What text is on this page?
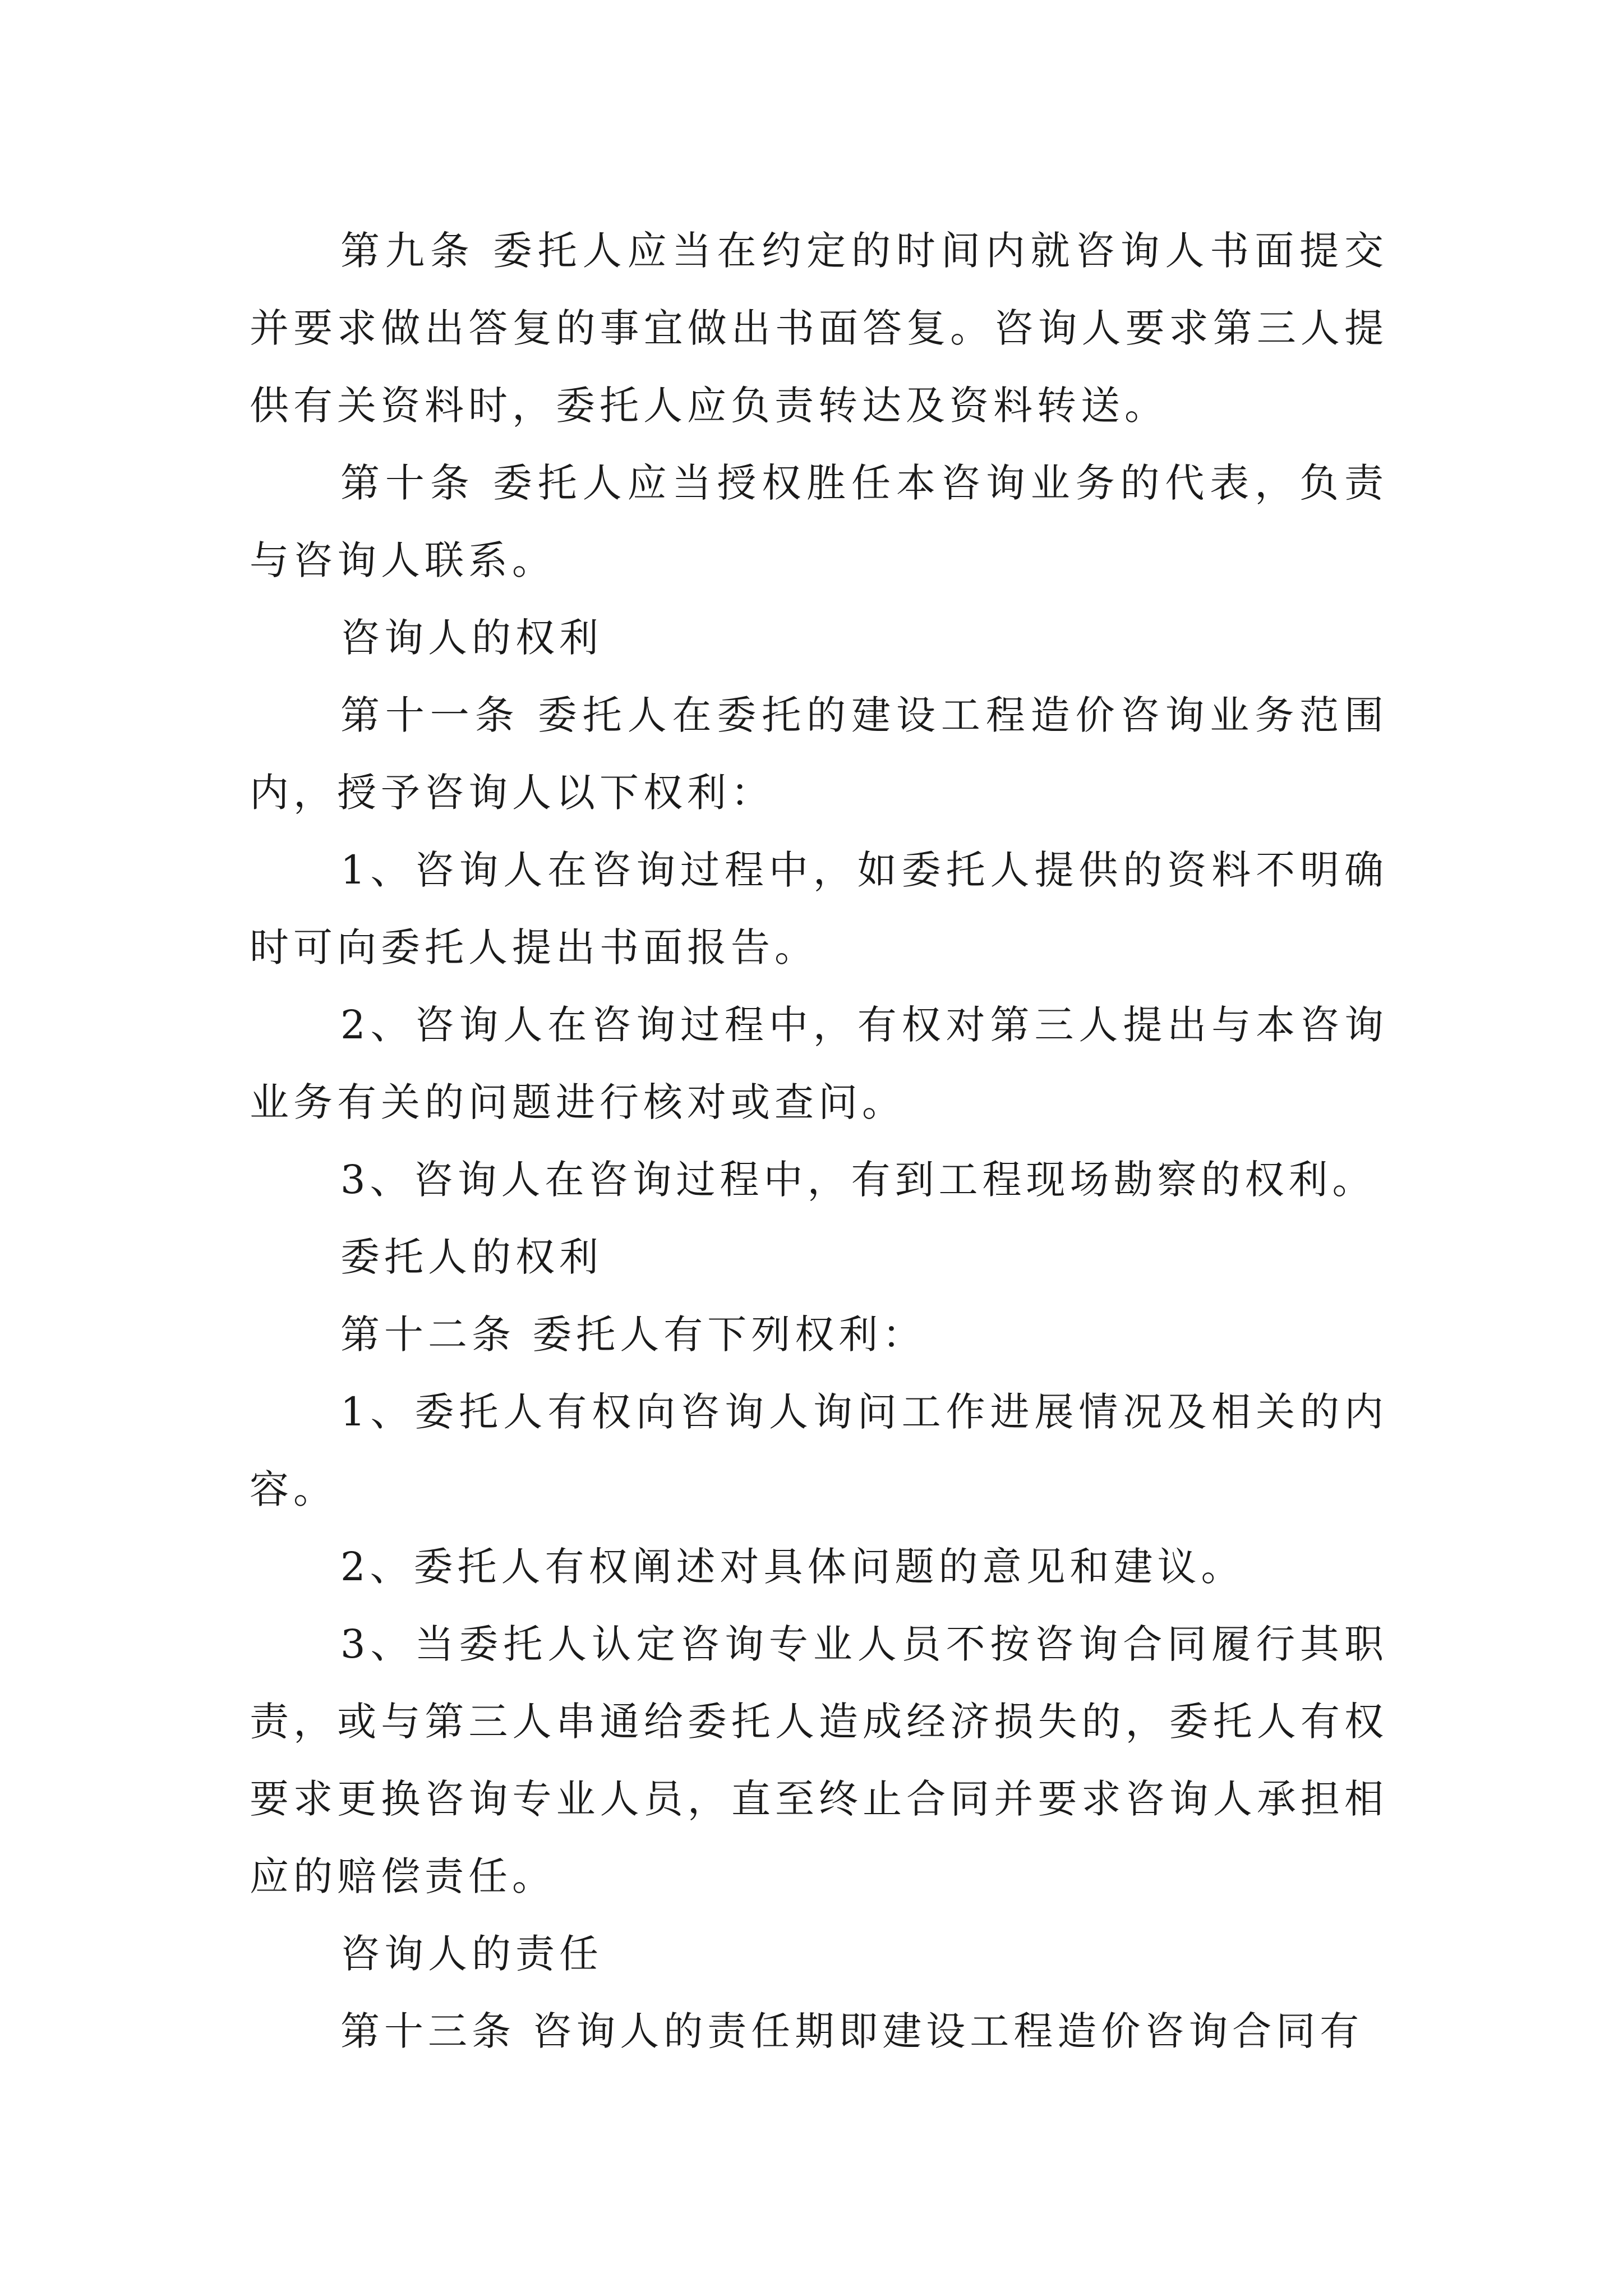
第九条 委托人应当在约定的时间内就咨询人书面提交并要求做出答复的事宜做出书面答复。咨询人要求第三人提供有关资料时，委托人应负责转达及资料转送。

第十条 委托人应当授权胜任本咨询业务的代表，负责与咨询人联系。

咨询人的权利

第十一条 委托人在委托的建设工程造价咨询业务范围内，授予咨询人以下权利：

1、咨询人在咨询过程中，如委托人提供的资料不明确时可向委托人提出书面报告。

2、咨询人在咨询过程中，有权对第三人提出与本咨询业务有关的问题进行核对或查问。

3、咨询人在咨询过程中，有到工程现场勘察的权利。

委托人的权利

第十二条 委托人有下列权利：

1、委托人有权向咨询人询问工作进展情况及相关的内容。

2、委托人有权阐述对具体问题的意见和建议。

3、当委托人认定咨询专业人员不按咨询合同履行其职责，或与第三人串通给委托人造成经济损失的，委托人有权要求更换咨询专业人员，直至终止合同并要求咨询人承担相应的赔偿责任。

咨询人的责任

第十三条 咨询人的责任期即建设工程造价咨询合同有
